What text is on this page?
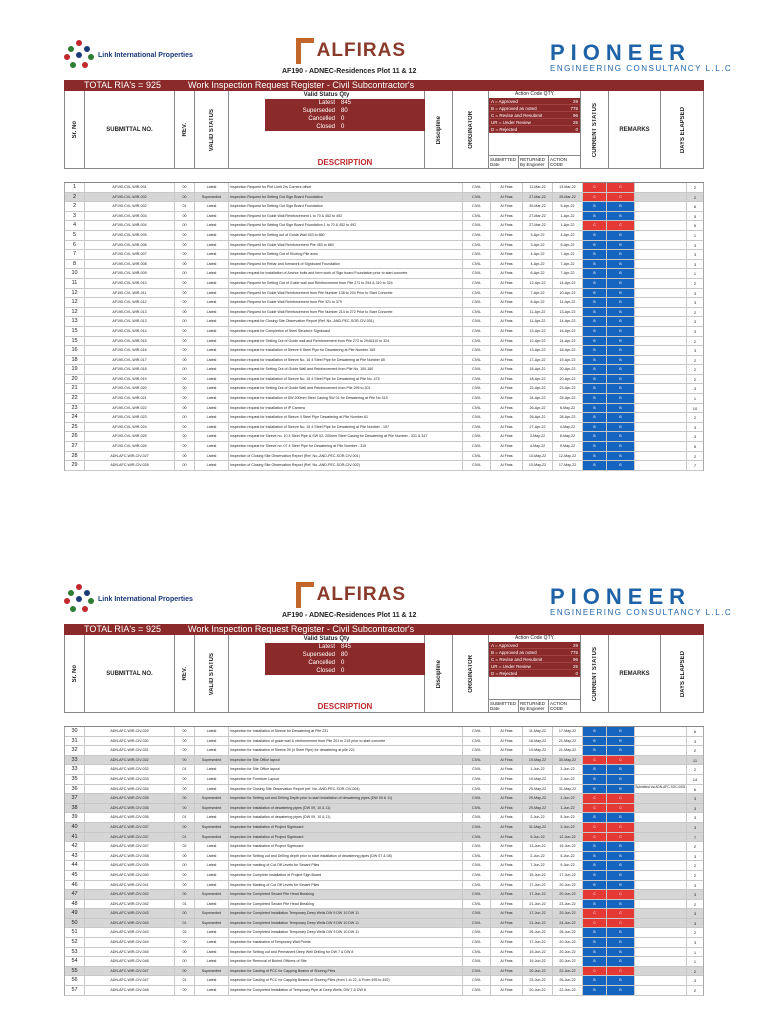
Link International Properties	ALFIRAS
AF190 - ADNEC-Residences Plot 11 & 12
PIONEER
ENGINEERING CONSULTANCY L.L.C
TOTAL RIA's = 925	Work Inspection Request Register - Civil Subcontractor's
Sr. No	SUBMITTAL NO.	REV.	VALID STATUS
Valid Status Qty
Latest	845
Superseded	80
Cancelled	0
Closed	0
DESCRIPTION
Discipline	ORIGINATOR
Action Code QTY
A = Approved	29
B = Approved as noted	775
C = Revise and Resubmit	96
UR = Under Review	25
D = Rejected	0
SUBMITTED Date
RETURNED By Engineer
ACTION CODE
CURRENT STATUS	REMARKS	DAYS ELAPSED
1	AF190-CVL-WIR-001	00	Latest	Inspection Request for Plot Limit 2m Corners offset	CIVIL	Al Firas	11-Mar-22	13-Mar-22	C	C	2
2	AF190-CVL-WIR-002	00	Superseded	Inspection Request for Setting Out Sign Board Foundation	CIVIL	Al Firas	27-Mar-22	29-Mar-22	C	C	2
2	AF190-CVL-WIR-002	01	Latest	Inspection Request for Setting Out Sign Board Foundation	CIVIL	Al Firas	30-Mar-22	5-Apr-22	B	B	6
3	AF190-CVL-WIR-003	00	Latest	Inspection Request for Guide Wall Reinforcement 1 to 70 & 452 to 492	CIVIL	Al Firas	27-Mar-22	1-Apr-22	B	B	5
4	AF190-CVL-WIR-004	00	Latest	Inspection Request for Setting Out Sign Board Foundation 1 to 70 & 452 to 492	CIVIL	Al Firas	27-Mar-22	1-Apr-22	C	C	5
5	AF190-CVL-WIR-005	00	Latest	Inspection Request for Setting out of Guide Wall 453 to 860	CIVIL	Al Firas	3-Apr-22	4-Apr-22	B	B	1
6	AF190-CVL-WIR-006	00	Latest	Inspection Request for Guide Wall Reinforcement Pile 453 to 860	CIVIL	Al Firas	3-Apr-22	6-Apr-22	B	B	3
7	AF190-CVL-WIR-007	00	Latest	Inspection Request for Setting Out of Shoring Pile axes	CIVIL	Al Firas	4-Apr-22	7-Apr-22	B	B	3
8	AF190-CVL-WIR-008	00	Latest	Inspection Request for Rebar and formwork of Signboard Foundation	CIVIL	Al Firas	4-Apr-22	7-Apr-22	B	B	3
10	AF190-CVL-WIR-009	00	Latest	Inspection request for installation of Anchor bolts and form work of Sign board Foundation prior to start concrete	CIVIL	Al Firas	6-Apr-22	7-Apr-22	B	B	1
11	AF190-CVL-WIR-010	00	Latest	Inspection Request for Setting Out of Guide wall and Reinforcement from Pile 271 to 294 & 310 to 324	CIVIL	Al Firas	12-Apr-22	14-Apr-22	B	B	2
12	AF190-CVL-WIR-011	00	Latest	Inspection Request for Guide Wall Reinforcement from Pile Number 138 to 204 Prior to Start Concrete	CIVIL	Al Firas	7-Apr-22	10-Apr-22	B	B	3
12	AF190-CVL-WIR-012	00	Latest	Inspection Request for Guide Wall Reinforcement from Pile 321 to 379	CIVIL	Al Firas	8-Apr-22	11-Apr-22	B	B	3
12	AF190-CVL-WIR-013	00	Latest	Inspection Request for Guide Wall Reinforcement from Pile Number 214 to 272 Prior to Start Concrete	CIVIL	Al Firas	11-Apr-22	13-Apr-22	B	B	2
13	AF190-CVL-WIR-013	00	Latest	Inspection request for Closing Site Observation Report (Ref. No.-AND-PEC-SOR-CIV-001)	CIVIL	Al Firas	11-Apr-22	14-Apr-22	B	B	3
15	AF190-CVL-WIR-014	00	Latest	Inspection request for Completion of Steel Structure Signboard	CIVIL	Al Firas	13-Apr-22	16-Apr-22	B	B	3
15	AF190-CVL-WIR-015	00	Latest	Inspection request for Setting Out of Guide wall and Reinforcement from Pile 273 to 294&310 to 324	CIVIL	Al Firas	12-Apr-22	14-Apr-22	B	B	2
16	AF190-CVL-WIR-016	00	Latest	Inspection request for Installation of Sleeve 6 Steel Pipe for Dewatering at Pile Number 165	CIVIL	Al Firas	13-Apr-22	16-Apr-22	B	B	3
18	AF190-CVL-WIR-017	00	Latest	Inspection request for Installation of Sleeve No. 16 4 Steel Pipe for Dewatering at Pile Number 85	CIVIL	Al Firas	17-Apr-22	19-Apr-22	B	B	2
19	AF190-CVL-WIR-018	00	Latest	Inspection request for Setting Out of Guide Wall and Reinforcement from Pile No. 100-160	CIVIL	Al Firas	18-Apr-22	20-Apr-22	B	B	2
20	AF190-CVL-WIR-019	00	Latest	Inspection request for Installation of Sleeve No. 15 4 Steel Pipe for Dewatering at Pile No. 475	CIVIL	Al Firas	18-Apr-22	20-Apr-22	B	B	2
21	AF190-CVL-WIR-020	00	Latest	Inspection request for Setting Out of Guide Wall and Reinforcement from Pile 295 to 301	CIVIL	Al Firas	22-Apr-22	23-Apr-22	B	B	3
22	AF190-CVL-WIR-021	00	Latest	Inspection request for Installation of SW 200mm Steel Casing SW 01 for Dewatering at Pile No 315	CIVIL	Al Firas	24-Apr-22	25-Apr-22	B	B	1
23	AF190-CVL-WIR-022	00	Latest	Inspection request for Installation of IP Camera	CIVIL	Al Firas	26-Apr-22	6-May-22	B	B	10
24	AF190-CVL-WIR-023	00	Latest	Inspection request for Installation of Sleeve 4 Steel Pipe Dewatering at Pile Number 61	CIVIL	Al Firas	26-Apr-22	28-Apr-22	B	B	2
25	AF190-CVL-WIR-024	00	Latest	Inspection request for Installation of Sleeve No. 15 4 Steel Pipe for Dewatering at Pile Number - 157	CIVIL	Al Firas	27-Apr-22	4-May-22	B	B	3
26	AF190-CVL-WIR-025	00	Latest	Inspection request for Sleeve no. 10 4 Steel Pipe & SW 02- 200mm Steel Casing for Dewatering at Pile Number - 331 & 347	CIVIL	Al Firas	3-May-22	6-May-22	B	B	3
27	AF190-CVL-WIR-026	00	Latest	Inspection request for Sleeve no. 07 4 Steel Pipe for Dewatering at Pile Number - 315	CIVIL	Al Firas	4-May-22	9-May-22	B	B	5
28	ADN-AFC-WIR-CIV-027	00	Latest	Inspection of Closing Site Observation Report (Ref. No.-AND-PEC-SOR-CIV-001)	CIVIL	Al Firas	10-May-22	12-May-22	B	B	2
29	ADN-AFC-WIR-CIV-028	00	Latest	Inspection of Closing Site Observation Report (Ref. No.-AND-PEC-SOR-CIV-002)	CIVIL	Al Firas	10-May-22	17-May-22	B	B	7
Link International Properties	ALFIRAS
AF190 - ADNEC-Residences Plot 11 & 12
PIONEER
ENGINEERING CONSULTANCY L.L.C
TOTAL RIA's = 925	Work Inspection Request Register - Civil Subcontractor's
Sr. No	SUBMITTAL NO.	REV.	VALID STATUS
Valid Status Qty
Latest	845
Superseded	80
Cancelled	0
Closed	0
DESCRIPTION
Discipline	ORIGINATOR
Action Code QTY
A = Approved	29
B = Approved as noted	775
C = Revise and Resubmit	96
UR = Under Review	25
D = Rejected	0
SUBMITTED Date
RETURNED By Engineer
ACTION CODE
CURRENT STATUS	REMARKS	DAYS ELAPSED
30	ADN-AFC-WIR-CIV-029	00	Latest	Inspection for Installation of Sleeve for Dewatering at Pile 231	CIVIL	Al Firas	11-May-22	17-May-22	B	B	6
31	ADN-AFC-WIR-CIV-030	00	Latest	Inspection for Installation of guide wall & reinforcement from Pile 201 to 215 prior to start concrete	CIVIL	Al Firas	18-May-22	21-May-22	B	B	3
32	ADN-AFC-WIR-CIV-031	00	Latest	Inspection for Installation of Sleeve 09 (4 Steel Pipe) for dewatering at pile 221	CIVIL	Al Firas	19-May-22	21-May-22	B	B	2
33	ADN-AFC-WIR-CIV-032	00	Superseded	Inspection for Site Office layout	CIVIL	Al Firas	19-May-22	30-May-22	C	C	11
33	ADN-AFC-WIR-CIV-032	01	Latest	Inspection for Site Office layout	CIVIL	Al Firas	1-Jun-22	3-Jun-22	B	B	2
35	ADN-AFC-WIR-CIV-033	00	Latest	Inspection for Furniture Layout	CIVIL	Al Firas	19-May-22	2-Jun-22	B	B	14
36	ADN-AFC-WIR-CIV-034	00	Latest	Inspection for Closing Site Observation Report (ref. No.-AND-PEC-SOR-CIV-004)	CIVIL	Al Firas	25-May-22	31-May-22	B	B	Submitted via ADN-AFC-SOC-0001	6
37	ADN-AFC-WIR-CIV-035	00	Superseded	Inspection for Setting out and Drilling Depth prior to start installation of dewatering pipes (DW 09 & 11)	CIVIL	Al Firas	29-May-22	1-Jun-22	C	C	3
38	ADN-AFC-WIR-CIV-036	00	Superseded	Inspection for Installation of dewatering pipes (DW 09, 10 & 11)	CIVIL	Al Firas	29-May-22	1-Jun-22	C	C	3
39	ADN-AFC-WIR-CIV-036	01	Latest	Inspection for Installation of dewatering pipes (DW 09, 10 & 11)	CIVIL	Al Firas	2-Jun-22	5-Jun-22	B	B	3
40	ADN-AFC-WIR-CIV-037	00	Superseded	Inspection for Installation of Project Signboard	CIVIL	Al Firas	31-May-22	3-Jun-22	C	C	3
41	ADN-AFC-WIR-CIV-037	01	Superseded	Inspection for Installation of Project Signboard	CIVIL	Al Firas	5-Jun-22	12-Jun-22	C	C	7
42	ADN-AFC-WIR-CIV-037	02	Latest	Inspection for Installation of Project Signboard	CIVIL	Al Firas	13-Jun-22	15-Jun-22	B	B	2
43	ADN-AFC-WIR-CIV-038	00	Latest	Inspection for Setting out and Drilling depth prior to start installation of dewatering pipes (DW 07 & 08)	CIVIL	Al Firas	2-Jun-22	5-Jun-22	B	B	3
44	ADN-AFC-WIR-CIV-039	00	Latest	Inspection for marking of Cut Off Levels for Secant Piles	CIVIL	Al Firas	7-Jun-22	9-Jun-22	B	B	2
45	ADN-AFC-WIR-CIV-040	00	Latest	Inspection for Complete Installation of Project Sign Board	CIVIL	Al Firas	15-Jun-22	17-Jun-22	B	B	2
46	ADN-AFC-WIR-CIV-041	00	Latest	Inspection for Marking of Cut Off Levels for Secant Piles	CIVIL	Al Firas	17-Jun-22	20-Jun-22	B	B	3
47	ADN-AFC-WIR-CIV-042	00	Superseded	Inspection for Completed Secant Pile Head Breaking	CIVIL	Al Firas	17-Jun-22	20-Jun-22	C	C	3
48	ADN-AFC-WIR-CIV-042	01	Latest	Inspection for Completed Secant Pile Head Breaking	CIVIL	Al Firas	21-Jun-22	23-Jun-22	B	B	2
49	ADN-AFC-WIR-CIV-043	00	Superseded	Inspection for Completed Installation Temporary Deep Wells DW 9 DW 10 DW 11	CIVIL	Al Firas	17-Jun-22	20-Jun-22	C	C	3
50	ADN-AFC-WIR-CIV-043	01	Superseded	Inspection for Completed Installation Temporary Deep Wells DW 9 DW 10 DW 11	CIVIL	Al Firas	21-Jun-22	24-Jun-22	C	C	3
51	ADN-AFC-WIR-CIV-043	02	Latest	Inspection for Completed Installation Temporary Deep Wells DW 9 DW 10 DW 11	CIVIL	Al Firas	26-Jun-22	28-Jun-22	B	B	2
52	ADN-AFC-WIR-CIV-044	00	Latest	Inspection for Installation of Temporary Wall Points	CIVIL	Al Firas	17-Jun-22	20-Jun-22	B	B	3
53	ADN-AFC-WIR-CIV-045	00	Latest	Inspection for Setting out and Permanent Deep Well Drilling for DW 7 & DW 8	CIVIL	Al Firas	19-Jun-22	20-Jun-22	B	B	1
54	ADN-AFC-WIR-CIV-046	00	Latest	Inspection for Removal of Buried Officers of Site	CIVIL	Al Firas	19-Jun-22	20-Jun-22	B	B	1
55	ADN-AFC-WIR-CIV-047	00	Superseded	Inspection for Casting of PCC for Capping Beams of Shoring Piles	CIVIL	Al Firas	20-Jun-22	22-Jun-22	C	C	2
56	ADN-AFC-WIR-CIV-047	01	Latest	Inspection for Casting of PCC for Capping Beams of Shoring Piles (from 1 to 22, & From 495 to 492)	CIVIL	Al Firas	23-Jun-22	26-Jun-22	B	B	3
57	ADN-AFC-WIR-CIV-048	00	Latest	Inspection for Completed Installation of Temporary Pipe at Deep Wells, DW 7 & DW 8	CIVIL	Al Firas	20-Jun-22	22-Jun-22	B	B	2
